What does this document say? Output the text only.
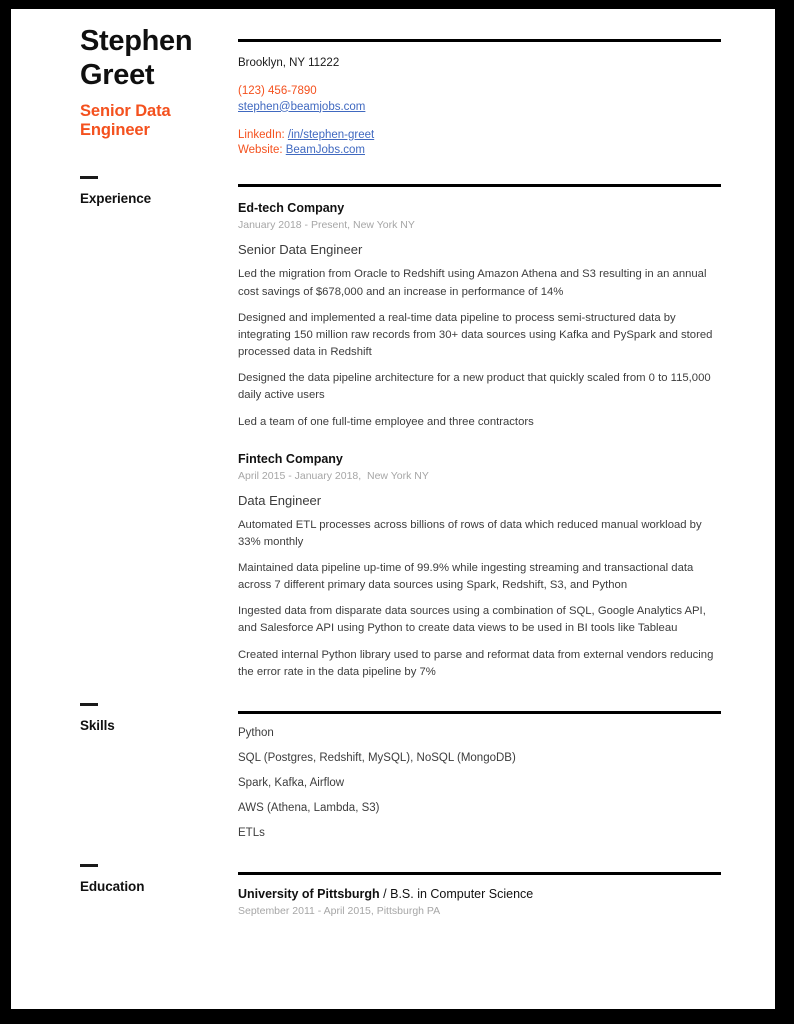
Stephen
Greet
Senior Data Engineer
Brooklyn, NY 11222
(123) 456-7890
stephen@beamjobs.com
LinkedIn: /in/stephen-greet
Website: BeamJobs.com
Experience
Ed-tech Company
January 2018 - Present, New York NY
Senior Data Engineer
Led the migration from Oracle to Redshift using Amazon Athena and S3 resulting in an annual cost savings of $678,000 and an increase in performance of 14%
Designed and implemented a real-time data pipeline to process semi-structured data by integrating 150 million raw records from 30+ data sources using Kafka and PySpark and stored processed data in Redshift
Designed the data pipeline architecture for a new product that quickly scaled from 0 to 115,000 daily active users
Led a team of one full-time employee and three contractors
Fintech Company
April 2015 - January 2018,  New York NY
Data Engineer
Automated ETL processes across billions of rows of data which reduced manual workload by 33% monthly
Maintained data pipeline up-time of 99.9% while ingesting streaming and transactional data across 7 different primary data sources using Spark, Redshift, S3, and Python
Ingested data from disparate data sources using a combination of SQL, Google Analytics API, and Salesforce API using Python to create data views to be used in BI tools like Tableau
Created internal Python library used to parse and reformat data from external vendors reducing the error rate in the data pipeline by 7%
Skills	Python
SQL (Postgres, Redshift, MySQL), NoSQL (MongoDB)
Spark, Kafka, Airflow
AWS (Athena, Lambda, S3)
ETLs
Education	University of Pittsburgh / B.S. in Computer Science
September 2011 - April 2015, Pittsburgh PA
